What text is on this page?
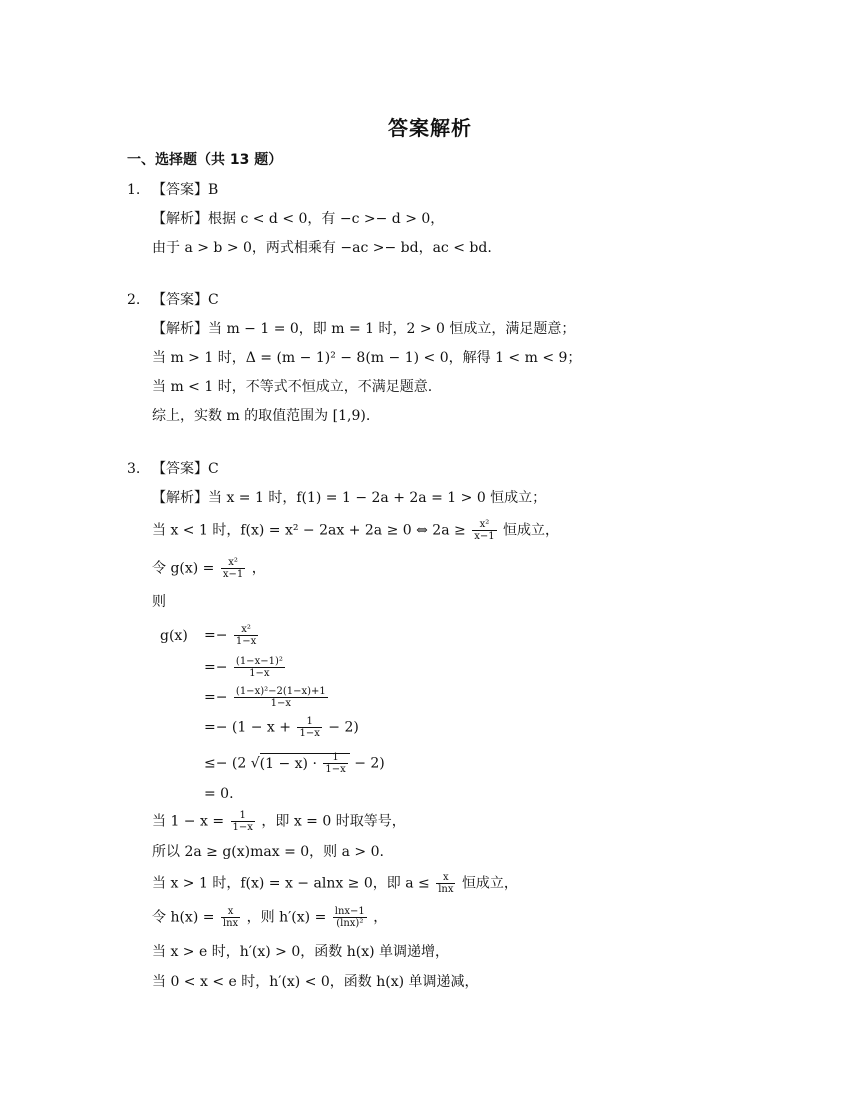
答案解析
一、选择题（共 13 题）
1. 【答案】B
【解析】根据 c < d < 0，有 −c >− d > 0，
由于 a > b > 0，两式相乘有 −ac >− bd，ac < bd.
2. 【答案】C
【解析】当 m − 1 = 0，即 m = 1 时，2 > 0 恒成立，满足题意；
当 m > 1 时，Δ = (m − 1)² − 8(m − 1) < 0，解得 1 < m < 9；
当 m < 1 时，不等式不恒成立，不满足题意.
综上，实数 m 的取值范围为 [1,9).
3. 【答案】C
【解析】当 x = 1 时，f(1) = 1 − 2a + 2a = 1 > 0 恒成立；
当 x < 1 时，f(x) = x² − 2ax + 2a ≥ 0 ⇔ $2a \ge \frac{\text{x²}}{x-1}$ 恒成立，
令 $g(x) = \frac{\text{x²}}{x-1}$ ，
则
$g(x) =- \frac{\text{x²}}{1-x}$
=− $\frac{\text{(1−x−1)²}}{1-x}$
=− $\frac{\text{(1−x)²−2(1−x)+1}}{1-x}$
=− $(1 - x + \frac{1}{1-x} - 2)$
≤− (2 $√(1 - x) \cdot \frac{1}{1-x} - 2$)
= 0.
当 $1 - x = \frac{1}{1-x}$ ，即 x = 0 时取等号，
所以 2a ≥ g(x)max = 0，则 a > 0.
当 x > 1 时，f(x) = x − alnx ≥ 0，即 $a \le \frac{x}{\ln x}$ 恒成立，
令 $h(x) = \frac{x}{\ln x}$ ，则 $h'(x) = \frac{\ln x-1}{\text{(lnx)²}}$ ，
当 x > e 时，h′(x) > 0，函数 h(x) 单调递增，
当 0 < x < e 时，h′(x) < 0，函数 h(x) 单调递减，
